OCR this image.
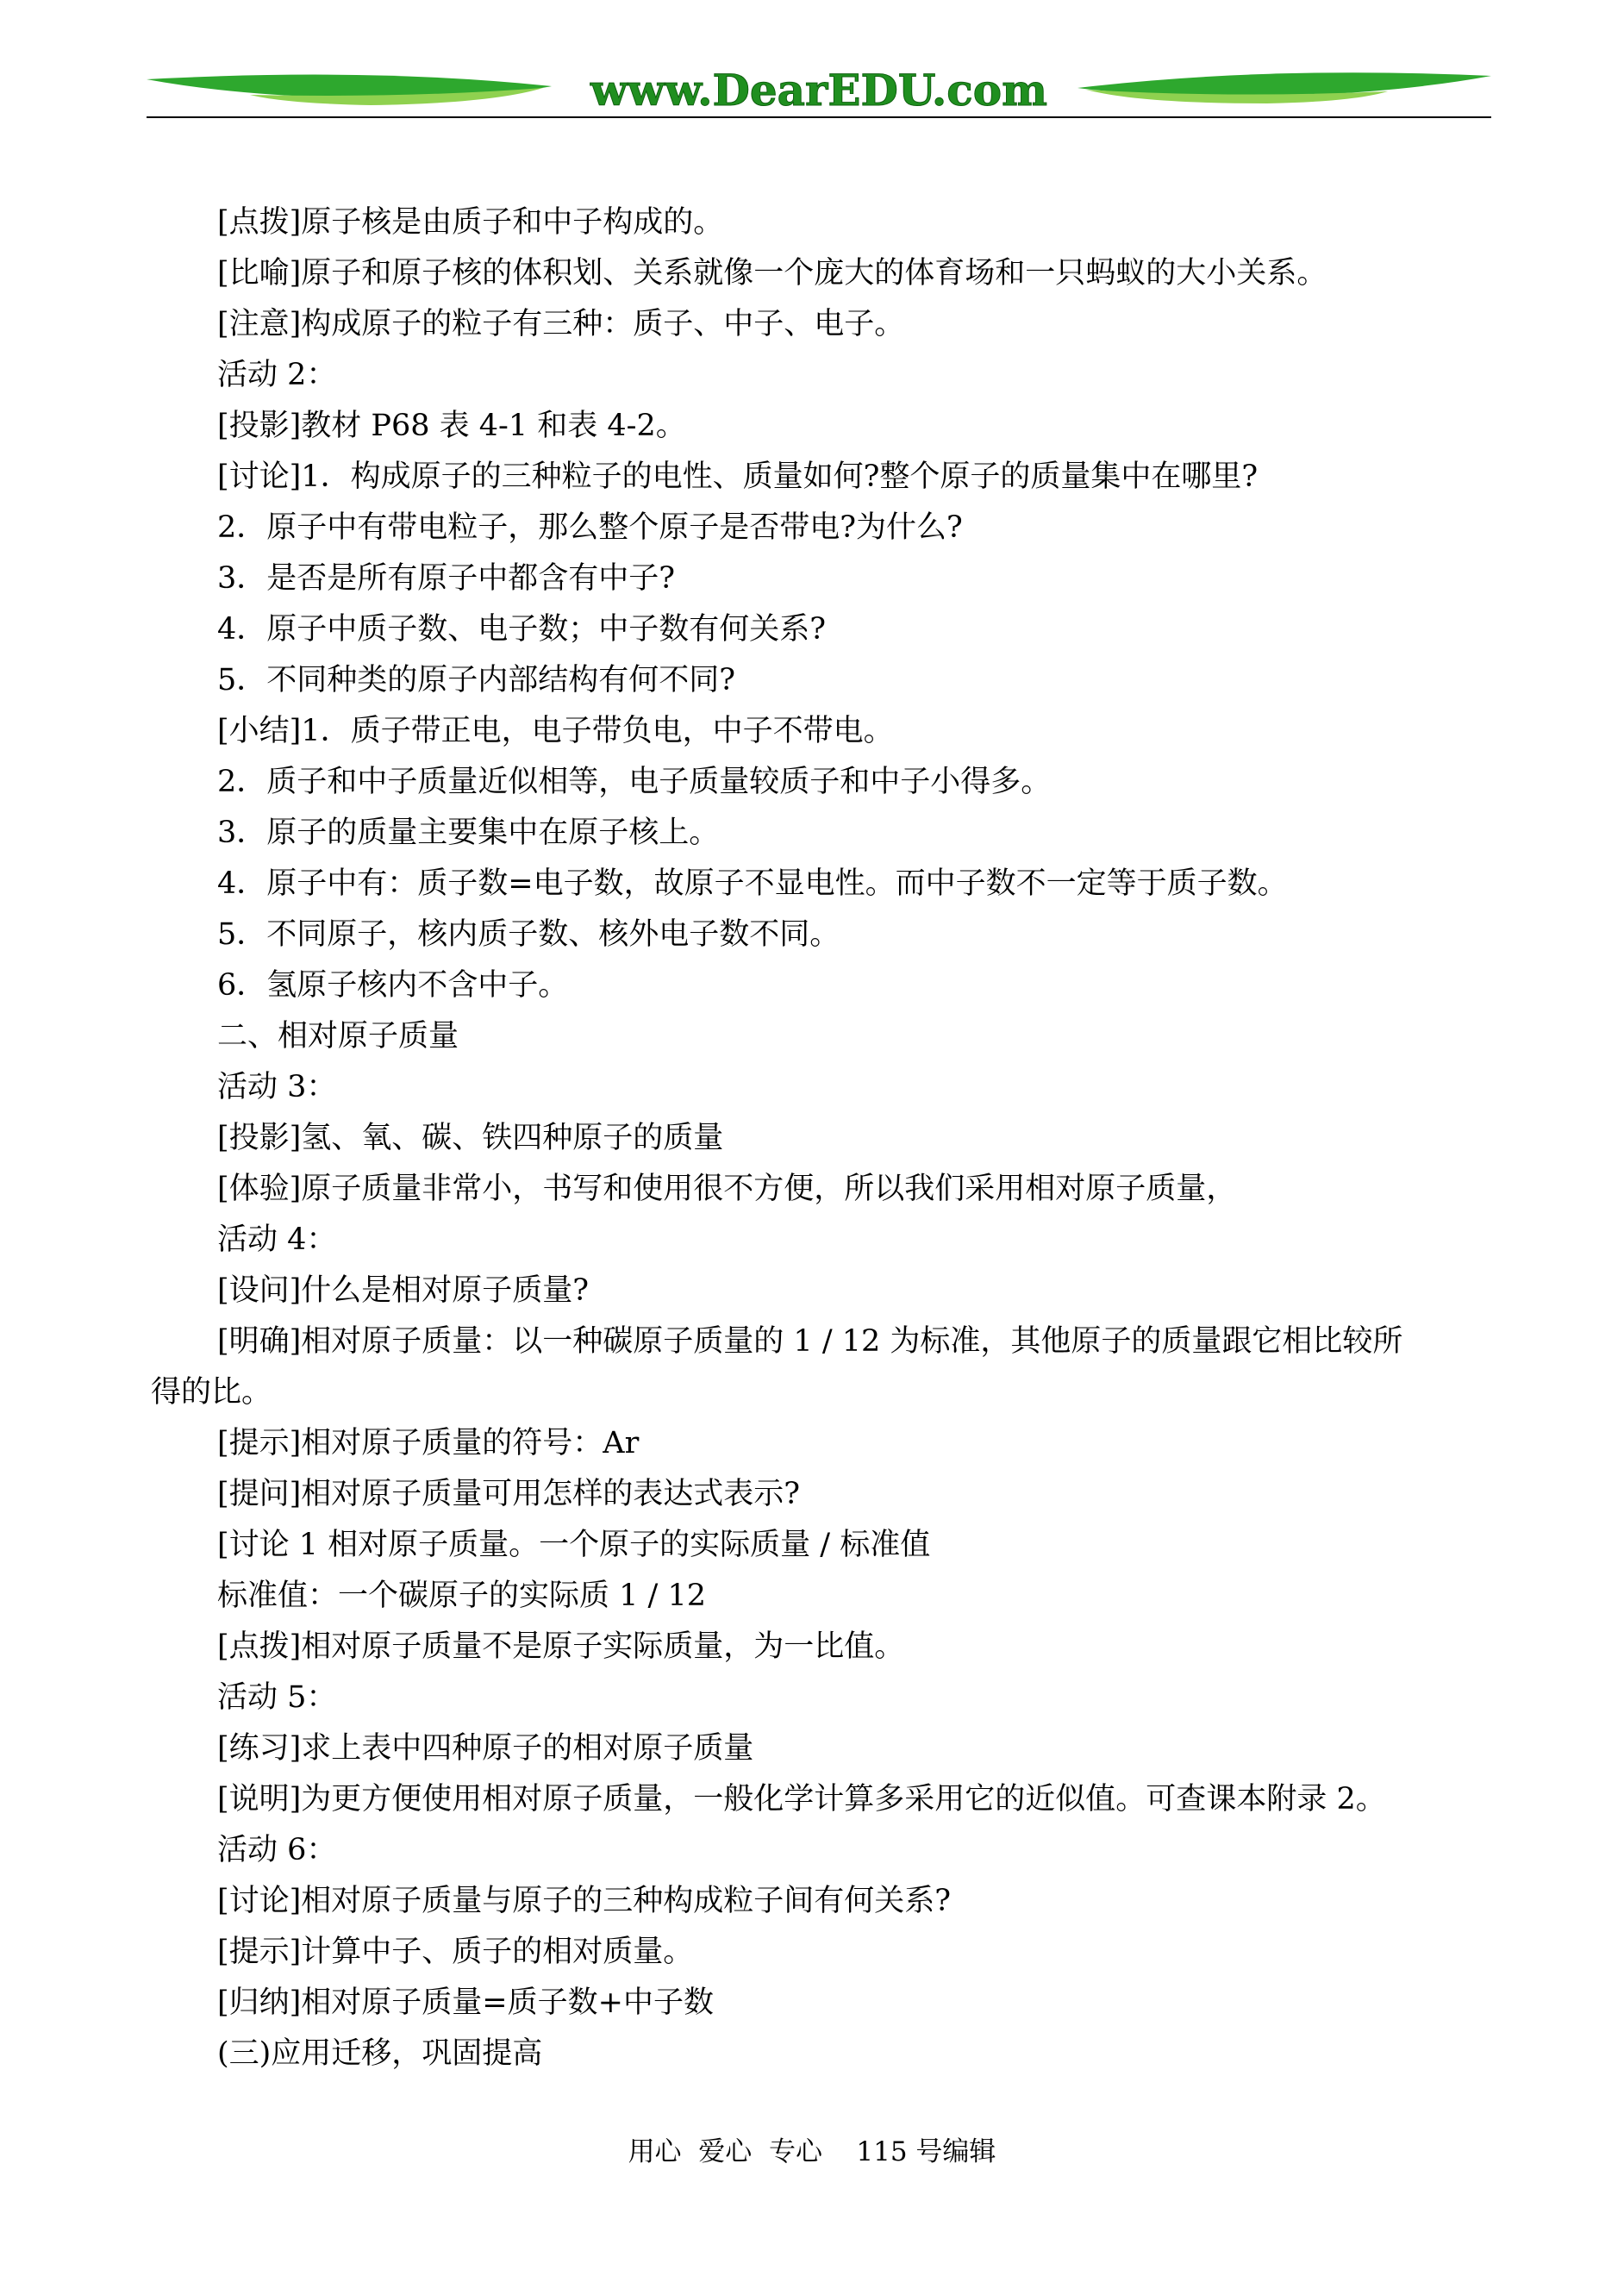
www.DearEDU.com
[点拨]原子核是由质子和中子构成的。
[比喻]原子和原子核的体积划、关系就像一个庞大的体育场和一只蚂蚁的大小关系。
[注意]构成原子的粒子有三种：质子、中子、电子。
活动 2：
[投影]教材 P68 表 4-1 和表 4-2。
[讨论]1．构成原子的三种粒子的电性、质量如何?整个原子的质量集中在哪里?
2．原子中有带电粒子，那么整个原子是否带电?为什么?
3．是否是所有原子中都含有中子?
4．原子中质子数、电子数；中子数有何关系?
5．不同种类的原子内部结构有何不同?
[小结]1．质子带正电，电子带负电，中子不带电。
2．质子和中子质量近似相等，电子质量较质子和中子小得多。
3．原子的质量主要集中在原子核上。
4．原子中有：质子数=电子数，故原子不显电性。而中子数不一定等于质子数。
5．不同原子，核内质子数、核外电子数不同。
6．氢原子核内不含中子。
二、相对原子质量
活动 3：
[投影]氢、氧、碳、铁四种原子的质量
[体验]原子质量非常小，书写和使用很不方便，所以我们采用相对原子质量，
活动 4：
[设问]什么是相对原子质量?
[明确]相对原子质量：以一种碳原子质量的 1 / 12 为标准，其他原子的质量跟它相比较所
得的比。
[提示]相对原子质量的符号：Ar
[提问]相对原子质量可用怎样的表达式表示?
[讨论 1 相对原子质量。一个原子的实际质量 / 标准值
标准值：一个碳原子的实际质 1 / 12
[点拨]相对原子质量不是原子实际质量，为一比值。
活动 5：
[练习]求上表中四种原子的相对原子质量
[说明]为更方便使用相对原子质量，一般化学计算多采用它的近似值。可查课本附录 2。
活动 6：
[讨论]相对原子质量与原子的三种构成粒子间有何关系?
[提示]计算中子、质子的相对质量。
[归纳]相对原子质量=质子数+中子数
(三)应用迁移，巩固提高
用心  爱心  专心    115 号编辑
